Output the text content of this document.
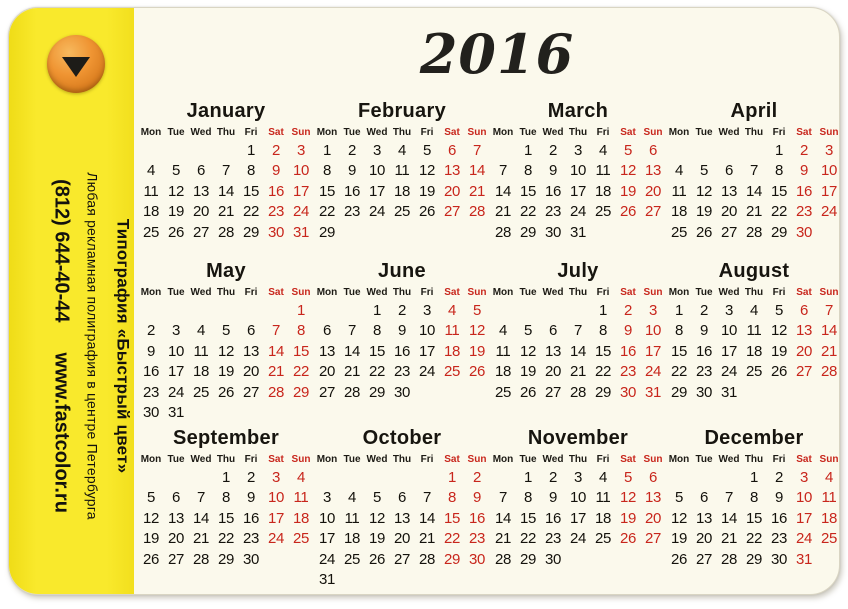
Типография «Быстрый цвет»
Любая рекламная полиграфия в центре Петербурга
(812) 644-40-44www.fastcolor.ru
2016
January
Mon	Tue	Wed	Thu	Fri	Sat	Sun
				1	2	3
4	5	6	7	8	9	10
11	12	13	14	15	16	17
18	19	20	21	22	23	24
25	26	27	28	29	30	31
February
Mon	Tue	Wed	Thu	Fri	Sat	Sun
1	2	3	4	5	6	7
8	9	10	11	12	13	14
15	16	17	18	19	20	21
22	23	24	25	26	27	28
29						
March
Mon	Tue	Wed	Thu	Fri	Sat	Sun
	1	2	3	4	5	6
7	8	9	10	11	12	13
14	15	16	17	18	19	20
21	22	23	24	25	26	27
28	29	30	31			
April
Mon	Tue	Wed	Thu	Fri	Sat	Sun
				1	2	3
4	5	6	7	8	9	10
11	12	13	14	15	16	17
18	19	20	21	22	23	24
25	26	27	28	29	30	
May
Mon	Tue	Wed	Thu	Fri	Sat	Sun
						1
2	3	4	5	6	7	8
9	10	11	12	13	14	15
16	17	18	19	20	21	22
23	24	25	26	27	28	29
30	31					
June
Mon	Tue	Wed	Thu	Fri	Sat	Sun
		1	2	3	4	5
6	7	8	9	10	11	12
13	14	15	16	17	18	19
20	21	22	23	24	25	26
27	28	29	30			
July
Mon	Tue	Wed	Thu	Fri	Sat	Sun
				1	2	3
4	5	6	7	8	9	10
11	12	13	14	15	16	17
18	19	20	21	22	23	24
25	26	27	28	29	30	31
August
Mon	Tue	Wed	Thu	Fri	Sat	Sun
1	2	3	4	5	6	7
8	9	10	11	12	13	14
15	16	17	18	19	20	21
22	23	24	25	26	27	28
29	30	31				
September
Mon	Tue	Wed	Thu	Fri	Sat	Sun
			1	2	3	4
5	6	7	8	9	10	11
12	13	14	15	16	17	18
19	20	21	22	23	24	25
26	27	28	29	30		
October
Mon	Tue	Wed	Thu	Fri	Sat	Sun
					1	2
3	4	5	6	7	8	9
10	11	12	13	14	15	16
17	18	19	20	21	22	23
24	25	26	27	28	29	30
31						
November
Mon	Tue	Wed	Thu	Fri	Sat	Sun
	1	2	3	4	5	6
7	8	9	10	11	12	13
14	15	16	17	18	19	20
21	22	23	24	25	26	27
28	29	30				
December
Mon	Tue	Wed	Thu	Fri	Sat	Sun
			1	2	3	4
5	6	7	8	9	10	11
12	13	14	15	16	17	18
19	20	21	22	23	24	25
26	27	28	29	30	31	
